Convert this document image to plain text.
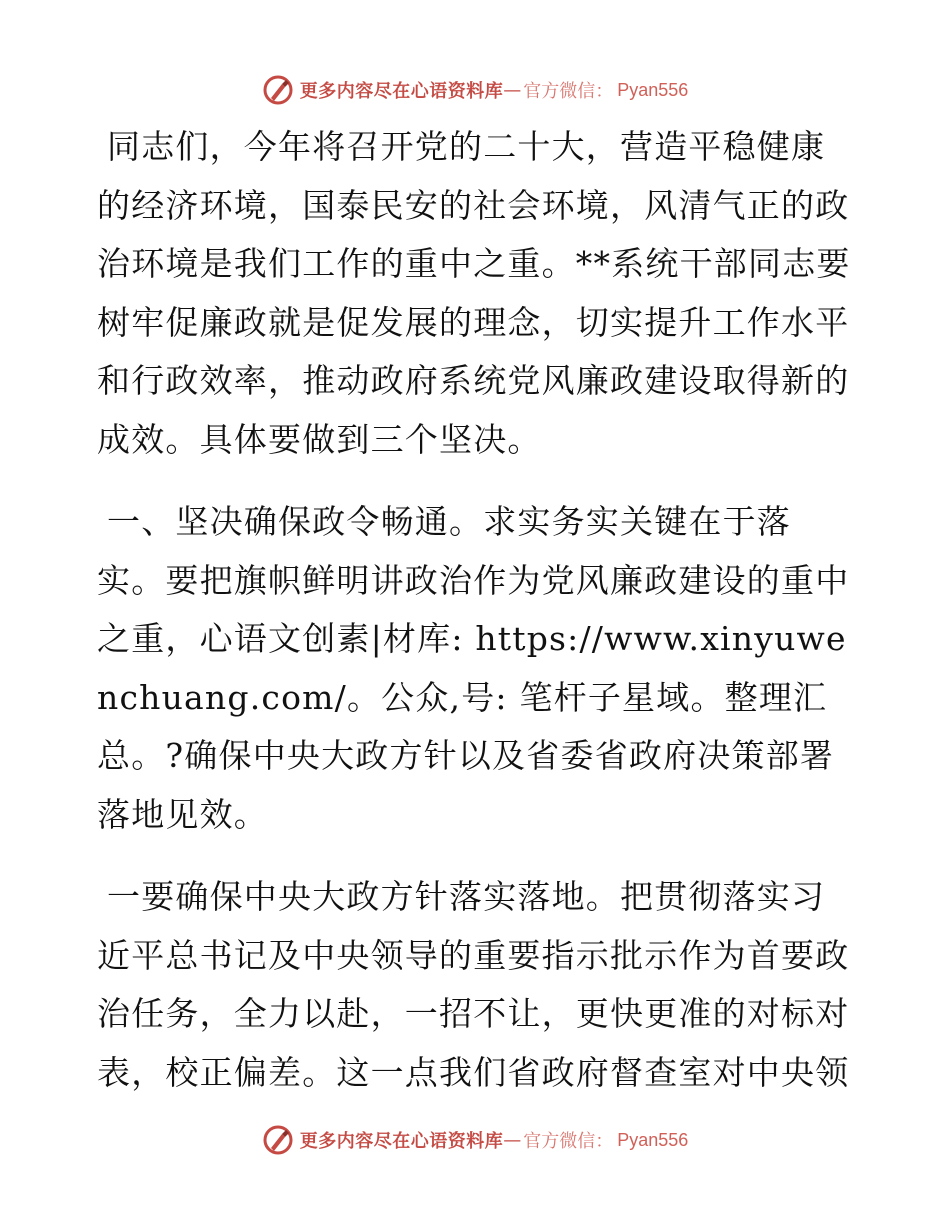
更多内容尽在心语资料库 — 官方微信： Pyan556

同志们，今年将召开党的二十大，营造平稳健康的经济环境，国泰民安的社会环境，风清气正的政治环境是我们工作的重中之重。**系统干部同志要树牢促廉政就是促发展的理念，切实提升工作水平和行政效率，推动政府系统党风廉政建设取得新的成效。具体要做到三个坚决。

一、坚决确保政令畅通。求实务实关键在于落实。要把旗帜鲜明讲政治作为党风廉政建设的重中之重，心语文创素|材库: https://www.xinyuwenchuang.com/。公众,号: 笔杆子星域。整理汇总。?确保中央大政方针以及省委省政府决策部署落地见效。

一要确保中央大政方针落实落地。把贯彻落实习近平总书记及中央领导的重要指示批示作为首要政治任务，全力以赴，一招不让，更快更准的对标对表，校正偏差。这一点我们省政府督查室对中央领

更多内容尽在心语资料库 — 官方微信： Pyan556
